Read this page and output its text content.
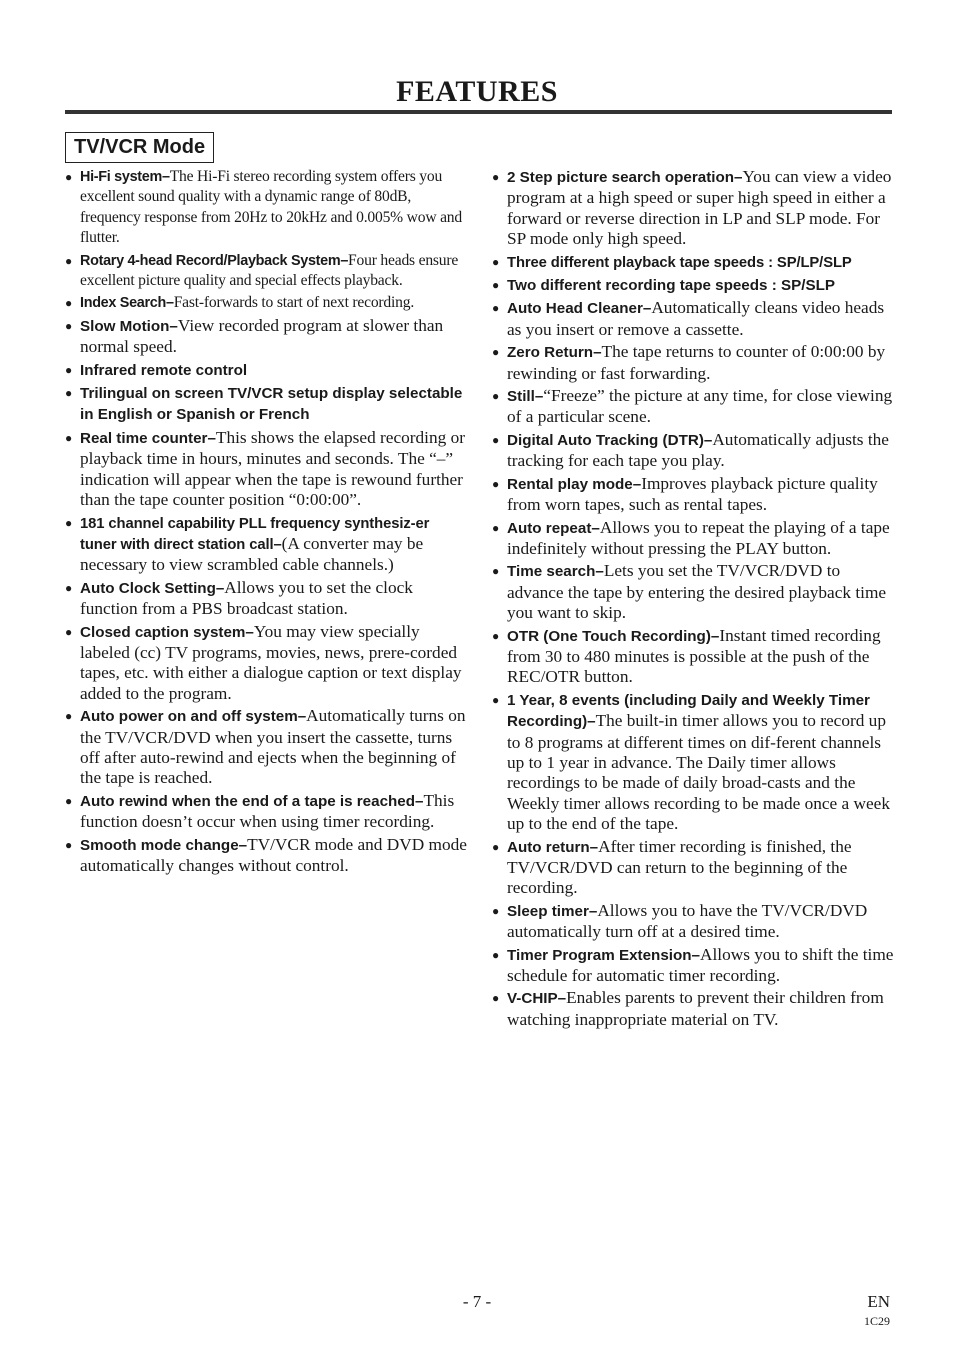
FEATURES
TV/VCR Mode
● Hi-Fi system–The Hi-Fi stereo recording system offers you excellent sound quality with a dynamic range of 80dB, frequency response from 20Hz to 20kHz and 0.005% wow and flutter.
● Rotary 4-head Record/Playback System–Four heads ensure excellent picture quality and special effects playback.
● Index Search–Fast-forwards to start of next recording.
● Slow Motion–View recorded program at slower than normal speed.
● Infrared remote control
● Trilingual on screen TV/VCR setup display selectable in English or Spanish or French
● Real time counter–This shows the elapsed recording or playback time in hours, minutes and seconds. The “–” indication will appear when the tape is rewound further than the tape counter position “0:00:00”.
● 181 channel capability PLL frequency synthesiz-er tuner with direct station call–(A converter may be necessary to view scrambled cable channels.)
● Auto Clock Setting–Allows you to set the clock function from a PBS broadcast station.
● Closed caption system–You may view specially labeled (cc) TV programs, movies, news, prere-corded tapes, etc. with either a dialogue caption or text display added to the program.
● Auto power on and off system–Automatically turns on the TV/VCR/DVD when you insert the cassette, turns off after auto-rewind and ejects when the beginning of the tape is reached.
● Auto rewind when the end of a tape is reached–This function doesn’t occur when using timer recording.
● Smooth mode change–TV/VCR mode and DVD mode automatically changes without control.
● 2 Step picture search operation–You can view a video program at a high speed or super high speed in either a forward or reverse direction in LP and SLP mode. For SP mode only high speed.
● Three different playback tape speeds : SP/LP/SLP
● Two different recording tape speeds : SP/SLP
● Auto Head Cleaner–Automatically cleans video heads as you insert or remove a cassette.
● Zero Return–The tape returns to counter of 0:00:00 by rewinding or fast forwarding.
● Still–“Freeze” the picture at any time, for close viewing of a particular scene.
● Digital Auto Tracking (DTR)–Automatically adjusts the tracking for each tape you play.
● Rental play mode–Improves playback picture quality from worn tapes, such as rental tapes.
● Auto repeat–Allows you to repeat the playing of a tape indefinitely without pressing the PLAY button.
● Time search–Lets you set the TV/VCR/DVD to advance the tape by entering the desired playback time you want to skip.
● OTR (One Touch Recording)–Instant timed recording from 30 to 480 minutes is possible at the push of the REC/OTR button.
● 1 Year, 8 events (including Daily and Weekly Timer Recording)–The built-in timer allows you to record up to 8 programs at different times on dif-ferent channels up to 1 year in advance. The Daily timer allows recordings to be made of daily broad-casts and the Weekly timer allows recording to be made once a week up to the end of the tape.
● Auto return–After timer recording is finished, the TV/VCR/DVD can return to the beginning of the recording.
● Sleep timer–Allows you to have the TV/VCR/DVD automatically turn off at a desired time.
● Timer Program Extension–Allows you to shift the time schedule for automatic timer recording.
● V-CHIP–Enables parents to prevent their children from watching inappropriate material on TV.
- 7 -	EN
1C29
